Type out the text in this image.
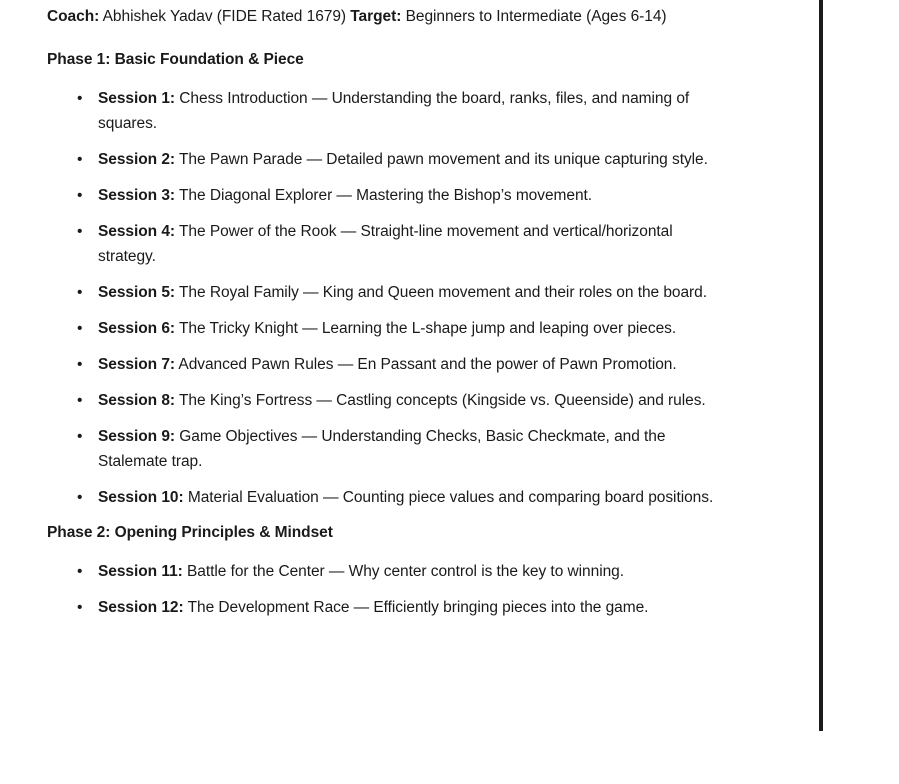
Coach: Abhishek Yadav (FIDE Rated 1679) Target: Beginners to Intermediate (Ages 6-14)

Phase 1: Basic Foundation & Piece
• Session 1: Chess Introduction — Understanding the board, ranks, files, and naming of squares.
• Session 2: The Pawn Parade — Detailed pawn movement and its unique capturing style.
• Session 3: The Diagonal Explorer — Mastering the Bishop’s movement.
• Session 4: The Power of the Rook — Straight-line movement and vertical/horizontal strategy.
• Session 5: The Royal Family — King and Queen movement and their roles on the board.
• Session 6: The Tricky Knight — Learning the L-shape jump and leaping over pieces.
• Session 7: Advanced Pawn Rules — En Passant and the power of Pawn Promotion.
• Session 8: The King’s Fortress — Castling concepts (Kingside vs. Queenside) and rules.
• Session 9: Game Objectives — Understanding Checks, Basic Checkmate, and the Stalemate trap.
• Session 10: Material Evaluation — Counting piece values and comparing board positions.
Phase 2: Opening Principles & Mindset
• Session 11: Battle for the Center — Why center control is the key to winning.
• Session 12: The Development Race — Efficiently bringing pieces into the game.
